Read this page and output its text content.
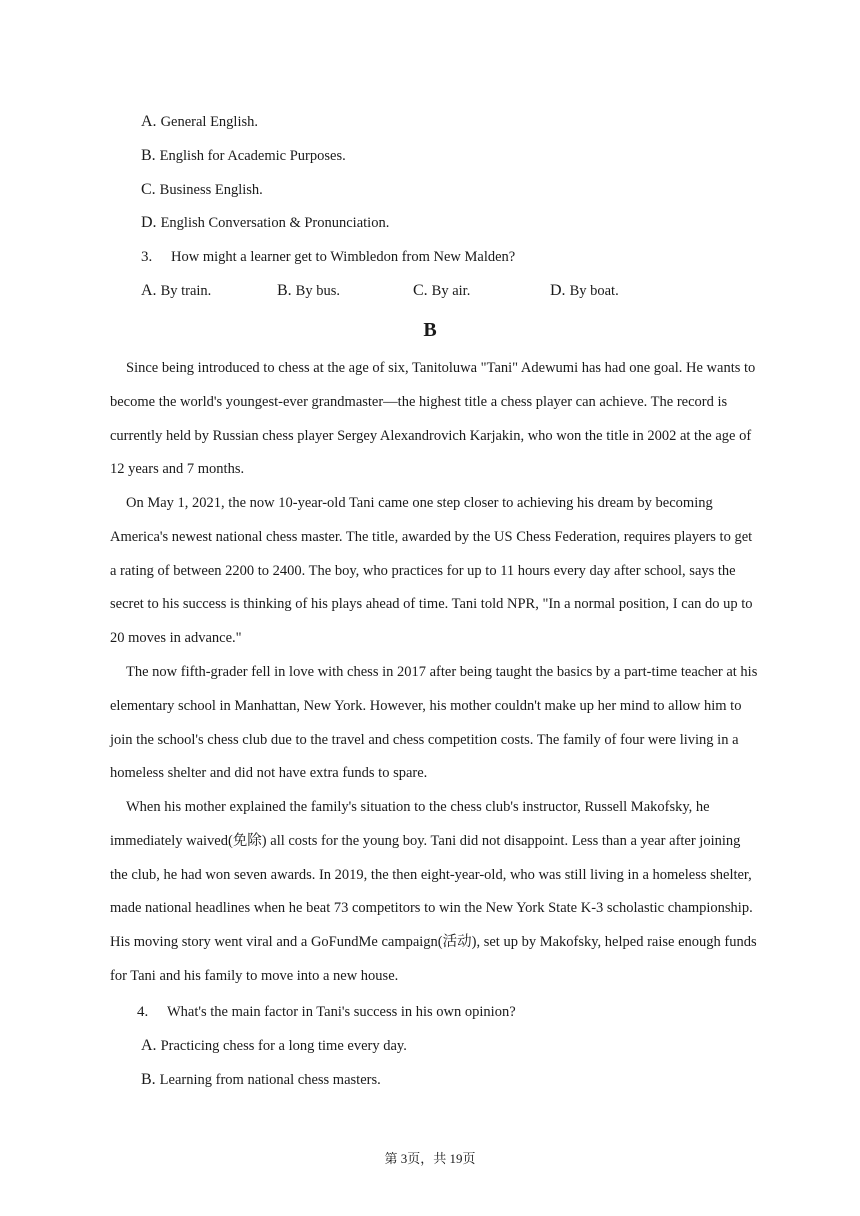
A. General English.
B. English for Academic Purposes.
C. Business English.
D. English Conversation & Pronunciation.
3. How might a learner get to Wimbledon from New Malden?
A. By train.	B. By bus.	C. By air.	D. By boat.
B
Since being introduced to chess at the age of six, Tanitoluwa "Tani" Adewumi has had one goal. He wants to become the world's youngest-ever grandmaster—the highest title a chess player can achieve. The record is currently held by Russian chess player Sergey Alexandrovich Karjakin, who won the title in 2002 at the age of 12 years and 7 months.
On May 1, 2021, the now 10-year-old Tani came one step closer to achieving his dream by becoming America's newest national chess master. The title, awarded by the US Chess Federation, requires players to get a rating of between 2200 to 2400. The boy, who practices for up to 11 hours every day after school, says the secret to his success is thinking of his plays ahead of time. Tani told NPR, "In a normal position, I can do up to 20 moves in advance."
The now fifth-grader fell in love with chess in 2017 after being taught the basics by a part-time teacher at his elementary school in Manhattan, New York. However, his mother couldn't make up her mind to allow him to join the school's chess club due to the travel and chess competition costs. The family of four were living in a homeless shelter and did not have extra funds to spare.
When his mother explained the family's situation to the chess club's instructor, Russell Makofsky, he immediately waived(免除) all costs for the young boy. Tani did not disappoint. Less than a year after joining the club, he had won seven awards. In 2019, the then eight-year-old, who was still living in a homeless shelter, made national headlines when he beat 73 competitors to win the New York State K-3 scholastic championship. His moving story went viral and a GoFundMe campaign(活动), set up by Makofsky, helped raise enough funds for Tani and his family to move into a new house.
4. What's the main factor in Tani's success in his own opinion?
A. Practicing chess for a long time every day.
B. Learning from national chess masters.
第 3页，共 19页
